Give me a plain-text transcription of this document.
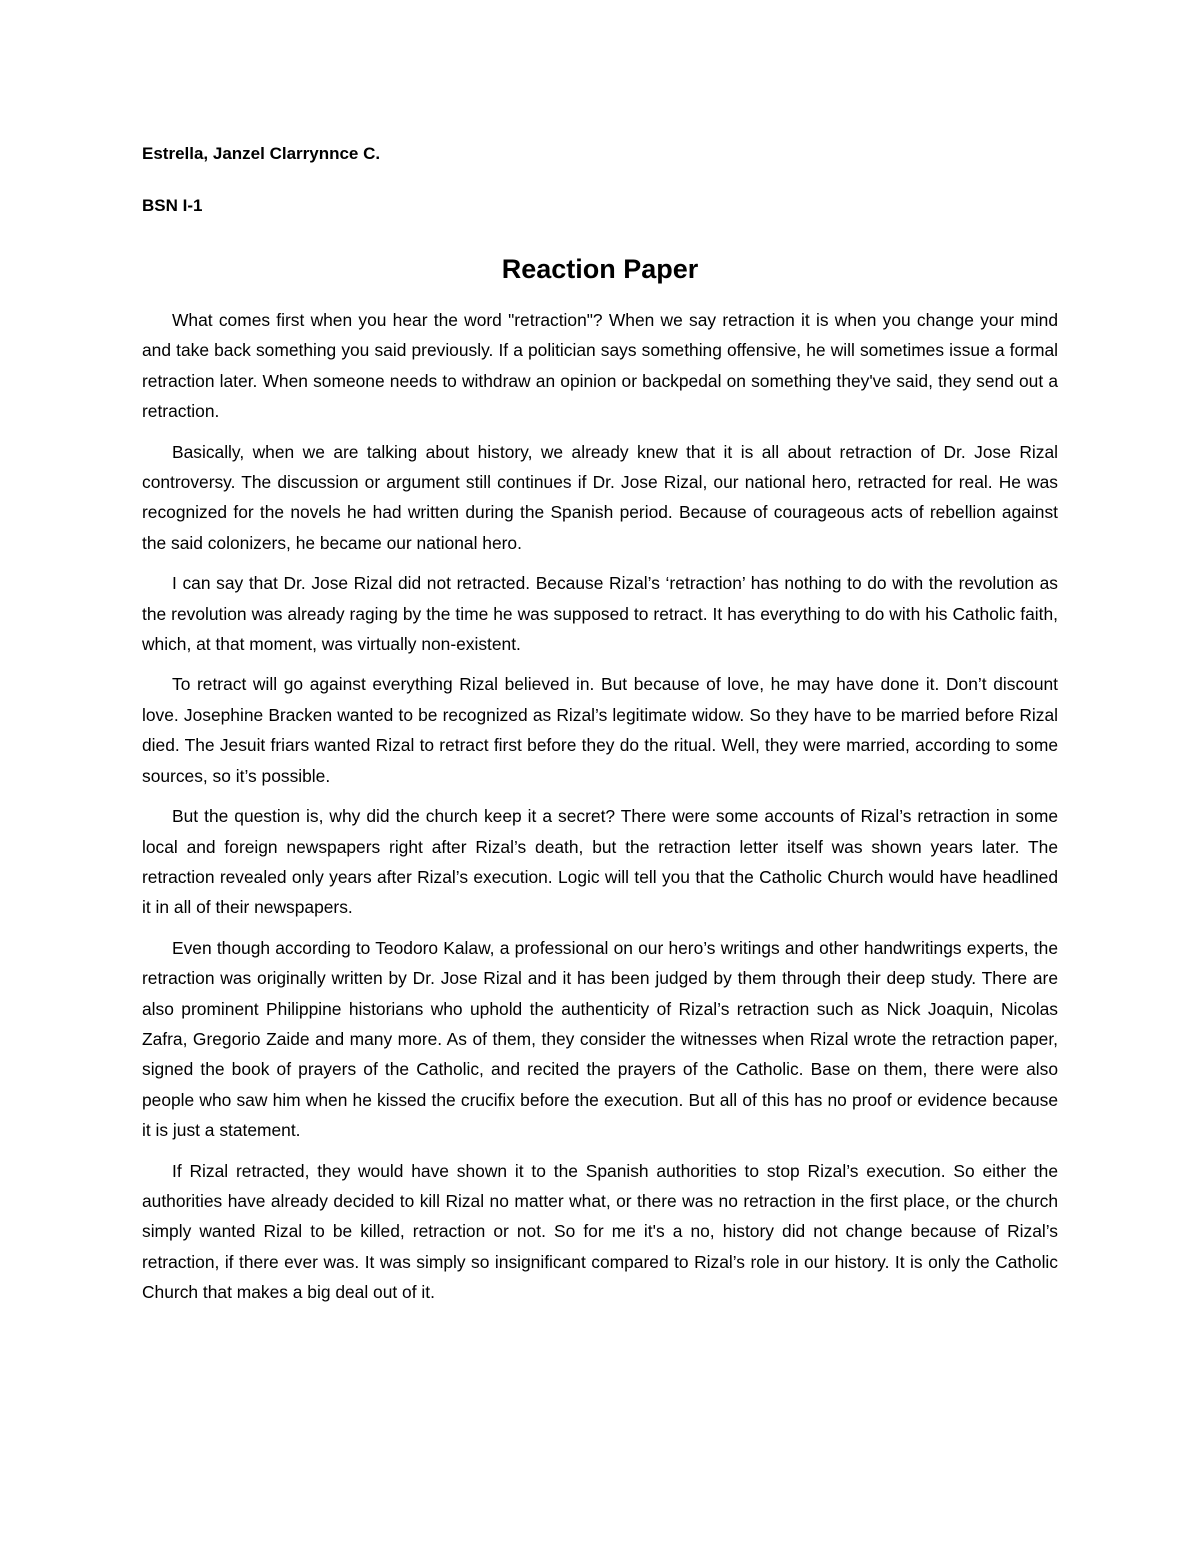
Estrella, Janzel Clarrynnce C.

BSN I-1

Reaction Paper

What comes first when you hear the word "retraction"? When we say retraction it is when you change your mind and take back something you said previously. If a politician says something offensive, he will sometimes issue a formal retraction later. When someone needs to withdraw an opinion or backpedal on something they've said, they send out a retraction.

Basically, when we are talking about history, we already knew that it is all about retraction of Dr. Jose Rizal controversy. The discussion or argument still continues if Dr. Jose Rizal, our national hero, retracted for real. He was recognized for the novels he had written during the Spanish period. Because of courageous acts of rebellion against the said colonizers, he became our national hero.

I can say that Dr. Jose Rizal did not retracted. Because Rizal’s ‘retraction’ has nothing to do with the revolution as the revolution was already raging by the time he was supposed to retract. It has everything to do with his Catholic faith, which, at that moment, was virtually non-existent.

To retract will go against everything Rizal believed in. But because of love, he may have done it. Don’t discount love. Josephine Bracken wanted to be recognized as Rizal’s legitimate widow. So they have to be married before Rizal died. The Jesuit friars wanted Rizal to retract first before they do the ritual. Well, they were married, according to some sources, so it’s possible.

But the question is, why did the church keep it a secret? There were some accounts of Rizal’s retraction in some local and foreign newspapers right after Rizal’s death, but the retraction letter itself was shown years later. The retraction revealed only years after Rizal’s execution. Logic will tell you that the Catholic Church would have headlined it in all of their newspapers.

Even though according to Teodoro Kalaw, a professional on our hero’s writings and other handwritings experts, the retraction was originally written by Dr. Jose Rizal and it has been judged by them through their deep study. There are also prominent Philippine historians who uphold the authenticity of Rizal’s retraction such as Nick Joaquin, Nicolas Zafra, Gregorio Zaide and many more. As of them, they consider the witnesses when Rizal wrote the retraction paper, signed the book of prayers of the Catholic, and recited the prayers of the Catholic. Base on them, there were also people who saw him when he kissed the crucifix before the execution. But all of this has no proof or evidence because it is just a statement.

If Rizal retracted, they would have shown it to the Spanish authorities to stop Rizal’s execution. So either the authorities have already decided to kill Rizal no matter what, or there was no retraction in the first place, or the church simply wanted Rizal to be killed, retraction or not. So for me it's a no, history did not change because of Rizal’s retraction, if there ever was. It was simply so insignificant compared to Rizal’s role in our history. It is only the Catholic Church that makes a big deal out of it.
